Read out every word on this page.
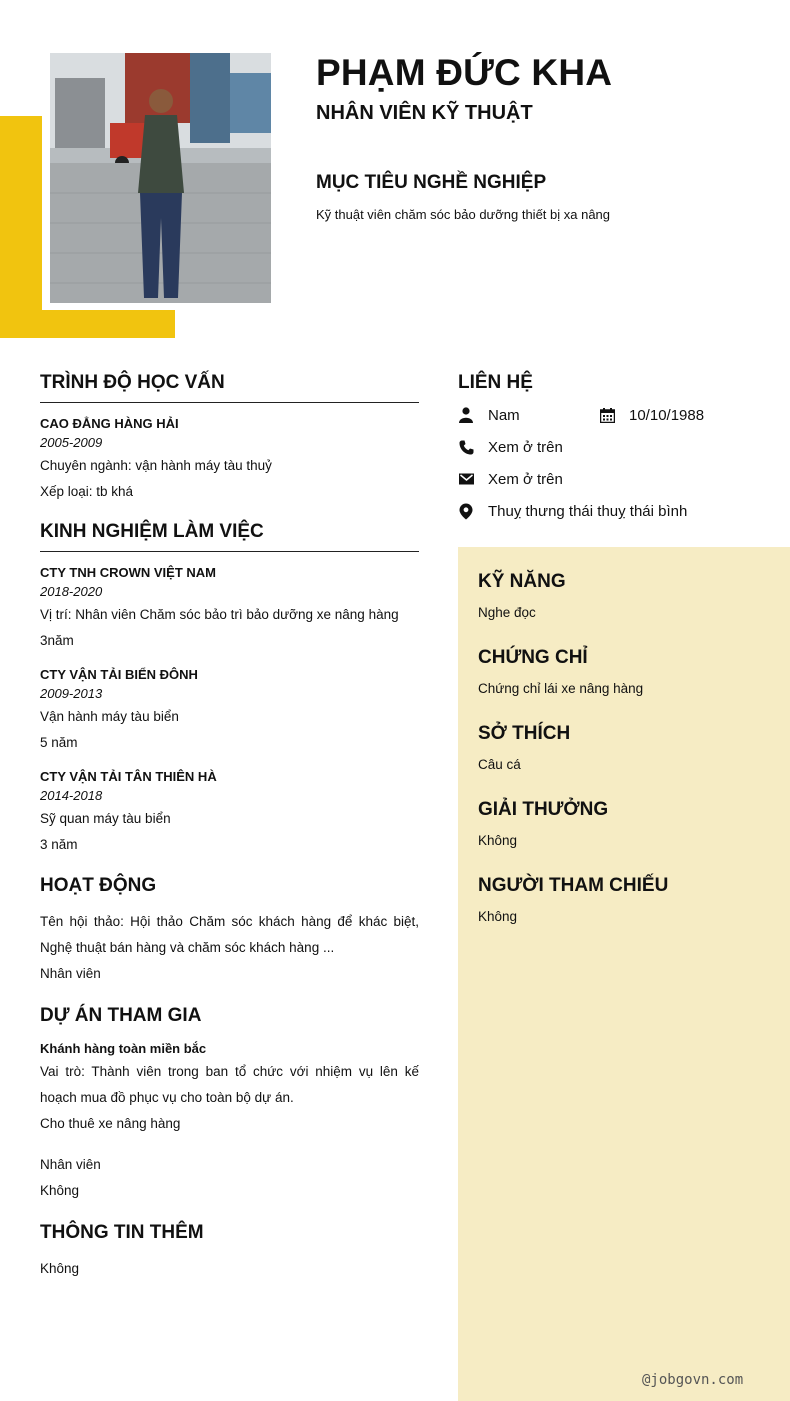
PHẠM ĐỨC KHA
NHÂN VIÊN KỸ THUẬT
MỤC TIÊU NGHỀ NGHIỆP
Kỹ thuật viên chăm sóc bảo dưỡng thiết bị xa nâng
TRÌNH ĐỘ HỌC VẤN
CAO ĐẲNG HÀNG HẢI
2005-2009
Chuyên ngành: vận hành máy tàu thuỷ
Xếp loại: tb khá
KINH NGHIỆM LÀM VIỆC
CTY TNH CROWN VIỆT NAM
2018-2020
Vị trí: Nhân viên Chăm sóc bảo trì bảo dưỡng xe nâng hàng
3năm
CTY VẬN TẢI BIỂN ĐÔNH
2009-2013
Vận hành máy tàu biển
5 năm
CTY VẬN TẢI TÂN THIÊN HÀ
2014-2018
Sỹ quan máy tàu biển
3 năm
HOẠT ĐỘNG
Tên hội thảo: Hội thảo Chăm sóc khách hàng để khác biệt, Nghệ thuật bán hàng và chăm sóc khách hàng ...
Nhân viên
DỰ ÁN THAM GIA
Khánh hàng toàn miền bắc
Vai trò: Thành viên trong ban tổ chức với nhiệm vụ lên kế hoạch mua đồ phục vụ cho toàn bộ dự án.
Cho thuê xe nâng hàng
Nhân viên
Không
THÔNG TIN THÊM
Không
LIÊN HỆ
Nam	10/10/1988
Xem ở trên
Xem ở trên
Thuỵ thưng thái thuỵ thái bình
KỸ NĂNG
Nghe đọc
CHỨNG CHỈ
Chứng chỉ lái xe nâng hàng
SỞ THÍCH
Câu cá
GIẢI THƯỞNG
Không
NGƯỜI THAM CHIẾU
Không
@jobgovn.com
